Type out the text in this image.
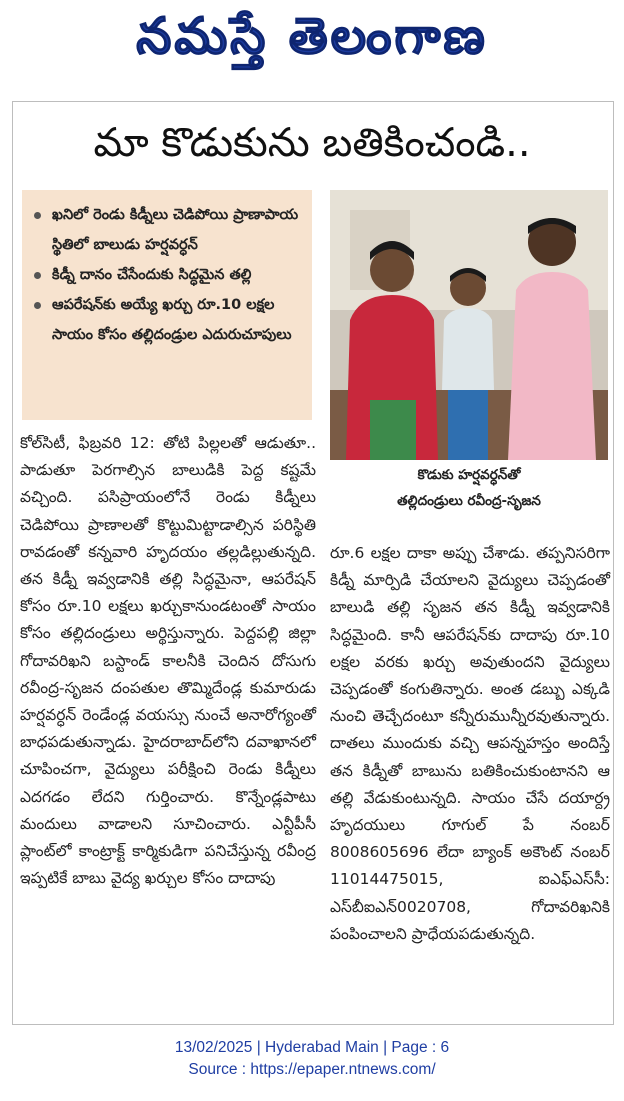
నమస్తే తెలంగాణ
మా కొడుకును బతికించండి..
ఖనిలో రెండు కిడ్నీలు చెడిపోయి ప్రాణాపాయ స్థితిలో బాలుడు హర్షవర్ధన్
కిడ్నీ దానం చేసేందుకు సిద్ధమైన తల్లి
ఆపరేషన్‌కు అయ్యే ఖర్చు రూ.10 లక్షల సాయం కోసం తల్లిదండ్రుల ఎదురుచూపులు
కొడుకు హర్షవర్ధన్‌తో
తల్లిదండ్రులు రవీంద్ర-సృజన

కోల్‌సిటీ, ఫిబ్రవరి 12: తోటి పిల్లలతో ఆడుతూ.. పాడుతూ పెరగాల్సిన బాలుడికి పెద్ద కష్టమే వచ్చింది. పసిప్రాయంలోనే రెండు కిడ్నీలు చెడిపోయి ప్రాణాలతో కొట్టుమిట్టాడాల్సిన పరిస్థితి రావడంతో కన్నవారి హృదయం తల్లడిల్లుతున్నది. తన కిడ్నీ ఇవ్వడానికి తల్లి సిద్ధమైనా, ఆపరేషన్ కోసం రూ.10 లక్షలు ఖర్చుకానుండటంతో సాయం కోసం తల్లిదండ్రులు అర్థిస్తున్నారు. పెద్దపల్లి జిల్లా గోదావరిఖని బస్టాండ్ కాలనీకి చెందిన దోసుగు రవీంద్ర-సృజన దంపతుల తొమ్మిదేండ్ల కుమారుడు హర్షవర్ధన్ రెండేండ్ల వయస్సు నుంచే అనారోగ్యంతో బాధపడుతున్నాడు. హైదరాబాద్‌లోని దవాఖానలో చూపించగా, వైద్యులు పరీక్షించి రెండు కిడ్నీలు ఎదగడం లేదని గుర్తించారు. కొన్నేండ్లపాటు మందులు వాడాలని సూచించారు. ఎన్టీపీసీ ప్లాంట్‌లో కాంట్రాక్ట్ కార్మికుడిగా పనిచేస్తున్న రవీంద్ర ఇప్పటికే బాబు వైద్య ఖర్చుల కోసం దాదాపు

రూ.6 లక్షల దాకా అప్పు చేశాడు. తప్పనిసరిగా కిడ్నీ మార్పిడి చేయాలని వైద్యులు చెప్పడంతో బాలుడి తల్లి సృజన తన కిడ్నీ ఇవ్వడానికి సిద్ధమైంది. కానీ ఆపరేషన్‌కు దాదాపు రూ.10 లక్షల వరకు ఖర్చు అవుతుందని వైద్యులు చెప్పడంతో కంగుతిన్నారు. అంత డబ్బు ఎక్కడి నుంచి తెచ్చేదంటూ కన్నీరుమున్నీరవుతున్నారు. దాతలు ముందుకు వచ్చి ఆపన్నహస్తం అందిస్తే తన కిడ్నీతో బాబును బతికించుకుంటానని ఆ తల్లి వేడుకుంటున్నది. సాయం చేసే దయార్ద్ర హృదయులు గూగుల్ పే నంబర్ 8008605696 లేదా బ్యాంక్ అకౌంట్ నంబర్ 11014475015, ఐఎఫ్‌ఎస్‌సీ: ఎస్‌బీఐఎన్0020708, గోదావరిఖనికి పంపించాలని ప్రాధేయపడుతున్నది.

13/02/2025 | Hyderabad Main | Page : 6
Source : https://epaper.ntnews.com/
